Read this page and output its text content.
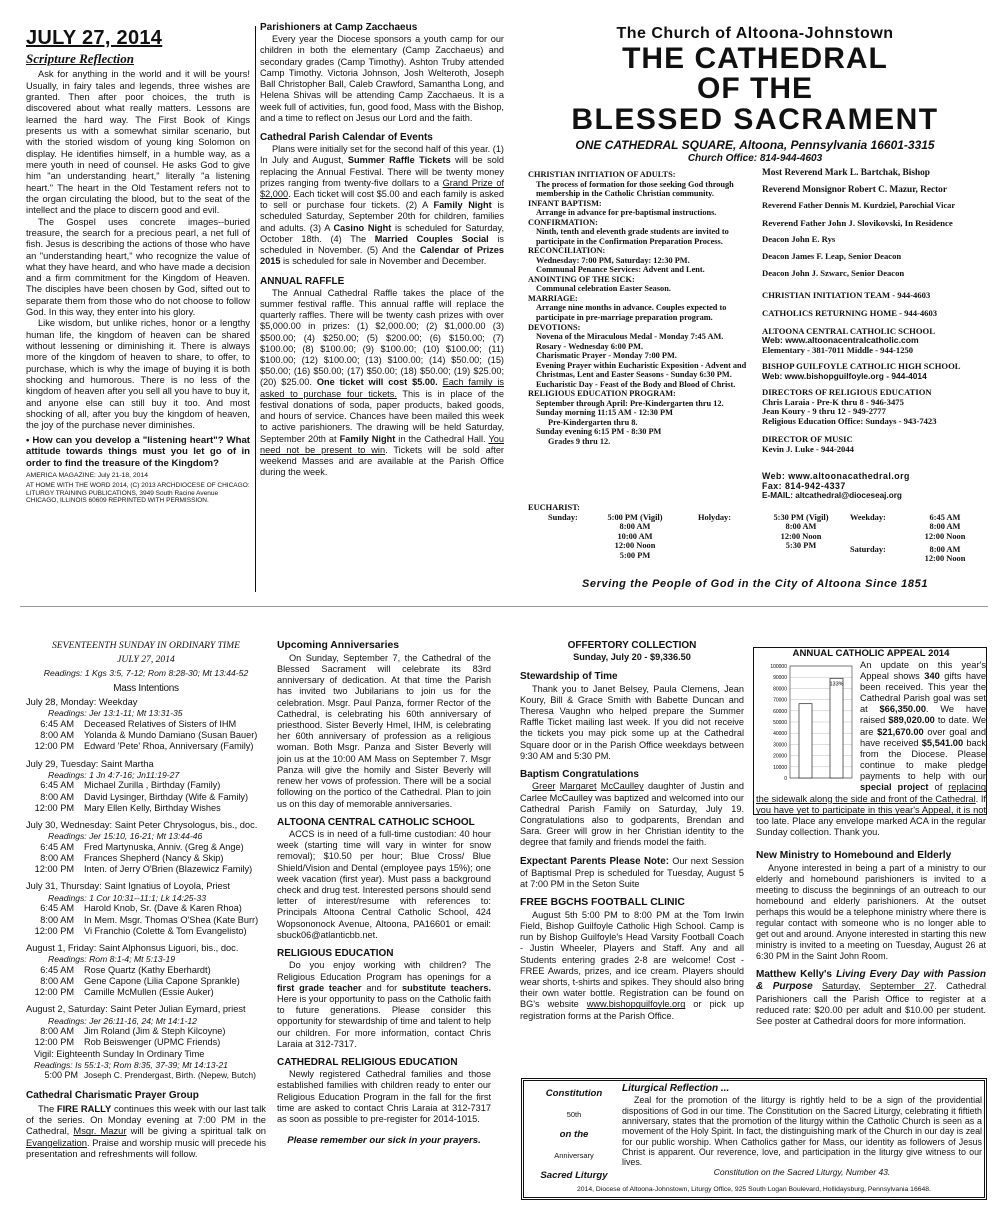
JULY 27, 2014
Scripture Reflection

Ask for anything in the world and it will be yours! Usually, in fairy tales and legends, three wishes are granted. Then after poor choices, the truth is discovered about what really matters. Lessons are learned the hard way. The First Book of Kings presents us with a somewhat similar scenario, but with the storied wisdom of young king Solomon on display. He identifies himself, in a humble way, as a mere youth in need of counsel. He asks God to give him "an understanding heart," literally "a listening heart." The heart in the Old Testament refers not to the organ circulating the blood, but to the seat of the intellect and the place to discern good and evil.

The Gospel uses concrete images--buried treasure, the search for a precious pearl, a net full of fish. Jesus is describing the actions of those who have an "understanding heart," who recognize the value of what they have heard, and who have made a decision and a firm commitment for the Kingdom of Heaven. The disciples have been chosen by God, sifted out to separate them from those who do not choose to follow God. In this way, they enter into his glory.

Like wisdom, but unlike riches, honor or a lengthy human life, the kingdom of heaven can be shared without lessening or diminishing it. There is always more of the kingdom of heaven to share, to offer, to purchase, which is why the image of buying it is both shocking and humorous. There is no less of the kingdom of heaven after you sell all you have to buy it, and anyone else can still buy it too. And most shocking of all, after you buy the kingdom of heaven, the joy of the purchase never diminishes.

• How can you develop a "listening heart"? What attitude towards things must you let go of in order to find the treasure of the Kingdom?

AMERICA MAGAZINE: July 21-18, 2014
AT HOME WITH THE WORD 2014, (C) 2013 ARCHDIOCESE OF CHICAGO: LITURGY TRAINING PUBLICATIONS, 3949 South Racine Avenue CHICAGO, ILLINOIS 60609 REPRINTED WITH PERMISSION.
Parishioners at Camp Zacchaeus

Every year the Diocese sponsors a youth camp for our children in both the elementary (Camp Zacchaeus) and secondary grades (Camp Timothy). Ashton Truby attended Camp Timothy. Victoria Johnson, Josh Welteroth, Joseph Ball Christopher Ball, Caleb Crawford, Samantha Long, and Helena Shivas will be attending Camp Zacchaeus. It is a week full of activities, fun, good food, Mass with the Bishop, and a time to reflect on Jesus our Lord and the faith.

Cathedral Parish Calendar of Events

Plans were initially set for the second half of this year. (1) In July and August, Summer Raffle Tickets will be sold replacing the Annual Festival. There will be twenty money prizes ranging from twenty-five dollars to a Grand Prize of $2,000. Each ticket will cost $5.00 and each family is asked to sell or purchase four tickets. (2) A Family Night is scheduled Saturday, September 20th for children, families and adults. (3) A Casino Night is scheduled for Saturday, October 18th. (4) The Married Couples Social is scheduled in November. (5) And the Calendar of Prizes 2015 is scheduled for sale in November and December.

ANNUAL RAFFLE

The Annual Cathedral Raffle takes the place of the summer festival raffle. This annual raffle will replace the quarterly raffles. There will be twenty cash prizes with over $5,000.00 in prizes: (1) $2,000.00; (2) $1,000.00 (3) $500.00; (4) $250.00; (5) $200.00; (6) $150.00; (7) $100.00; (8) $100.00; (9) $100.00; (10) $100.00; (11) $100.00; (12) $100.00; (13) $100.00; (14) $50.00; (15) $50.00; (16) $50.00; (17) $50.00; (18) $50.00; (19) $25.00; (20) $25.00. One ticket will cost $5.00. Each family is asked to purchase four tickets. This is in place of the festival donations of soda, paper products, baked goods, and hours of service. Chances have been mailed this week to active parishioners. The drawing will be held Saturday, September 20th at Family Night in the Cathedral Hall. You need not be present to win. Tickets will be sold after weekend Masses and are available at the Parish Office during the week.

The Church of Altoona-Johnstown
THE CATHEDRAL
OF THE
BLESSED SACRAMENT
ONE CATHEDRAL SQUARE, Altoona, Pennsylvania 16601-3315
Church Office: 814-944-4603
CHRISTIAN INITIATION OF ADULTS:
The process of formation for those seeking God through membership in the Catholic Christian community.
INFANT BAPTISM:
Arrange in advance for pre-baptismal instructions.
CONFIRMATION:
Ninth, tenth and eleventh grade students are invited to participate in the Confirmation Preparation Process.
RECONCILIATION:
Wednesday: 7:00 PM, Saturday: 12:30 PM.
Communal Penance Services: Advent and Lent.
ANOINTING OF THE SICK:
Communal celebration Easter Season.
MARRIAGE:
Arrange nine months in advance. Couples expected to participate in pre-marriage preparation program.
DEVOTIONS:
Novena of the Miraculous Medal - Monday 7:45 AM.
Rosary - Wednesday 6:00 PM.
Charismatic Prayer - Monday 7:00 PM.
Evening Prayer within Eucharistic Exposition - Advent and Christmas, Lent and Easter Seasons - Sunday 6:30 PM.
Eucharistic Day - Feast of the Body and Blood of Christ.
RELIGIOUS EDUCATION PROGRAM:
September through April: Pre-Kindergarten thru 12.
Sunday morning 11:15 AM - 12:30 PM
Pre-Kindergarten thru 8.
Sunday evening 6:15 PM - 8:30 PM
Grades 9 thru 12.
Most Reverend Mark L. Bartchak, Bishop
Reverend Monsignor Robert C. Mazur, Rector
Reverend Father Dennis M. Kurdziel, Parochial Vicar
Reverend Father John J. Slovikovski, In Residence
Deacon John E. Rys
Deacon James F. Leap, Senior Deacon
Deacon John J. Szwarc, Senior Deacon
CHRISTIAN INITIATION TEAM - 944-4603
CATHOLICS RETURNING HOME - 944-4603
ALTOONA CENTRAL CATHOLIC SCHOOL
Web: www.altoonacentralcatholic.com
Elementary - 381-7011 Middle - 944-1250
BISHOP GUILFOYLE CATHOLIC HIGH SCHOOL
Web: www.bishopguilfoyle.org - 944-4014
DIRECTORS OF RELIGIOUS EDUCATION
Chris Laraia - Pre-K thru 8 - 946-3475
Jean Koury - 9 thru 12 - 949-2777
Religious Education Office: Sundays - 943-7423
DIRECTOR OF MUSIC
Kevin J. Luke - 944-2044
Web: www.altoonacathedral.org
Fax: 814-942-4337
E-MAIL: altcathedral@dioceseaj.org
EUCHARIST:
Sunday:	5:00 PM (Vigil)
8:00 AM
10:00 AM
12:00 Noon
5:00 PM
Holyday:	5:30 PM (Vigil)
8:00 AM
12:00 Noon
5:30 PM
Weekday:	6:45 AM
8:00 AM
12:00 Noon
Saturday:	8:00 AM
12:00 Noon
Serving the People of God in the City of Altoona Since 1851
SEVENTEENTH SUNDAY IN ORDINARY TIME
JULY 27, 2014
Readings: 1 Kgs 3:5, 7-12; Rom 8:28-30; Mt 13:44-52
Mass Intentions
July 28, Monday: Weekday
Readings: Jer 13:1-11; Mt 13:31-35
6:45 AM Deceased Relatives of Sisters of IHM
8:00 AM Yolanda & Mundo Damiano (Susan Bauer)
12:00 PM Edward 'Pete' Rhoa, Anniversary (Family)
July 29, Tuesday: Saint Martha
Readings: 1 Jn 4:7-16; Jn11:19-27
6:45 AM Michael Zurilla , Birthday (Family)
8:00 AM David Lysinger, Birthday (Wife & Family)
12:00 PM Mary Ellen Kelly, Birthday Wishes
July 30, Wednesday: Saint Peter Chrysologus, bis., doc.
Readings: Jer 15:10, 16-21; Mt 13:44-46
6:45 AM Fred Martynuska, Anniv. (Greg & Ange)
8:00 AM Frances Shepherd (Nancy & Skip)
12:00 PM Inten. of Jerry O'Brien (Blazewicz Family)
July 31, Thursday: Saint Ignatius of Loyola, Priest
Readings: 1 Cor 10:31--11:1; Lk 14:25-33
6:45 AM Harold Knob, Sr. (Dave & Karen Rhoa)
8:00 AM In Mem. Msgr. Thomas O'Shea (Kate Burr)
12:00 PM Vi Franchio (Colette & Tom Evangelisto)
August 1, Friday: Saint Alphonsus Liguori, bis., doc.
Readings: Rom 8:1-4; Mt 5:13-19
6:45 AM Rose Quartz (Kathy Eberhardt)
8:00 AM Gene Capone (Lilia Capone Sprankle)
12:00 PM Camille McMullen (Essie Auker)
August 2, Saturday: Saint Peter Julian Eymard, priest
Readings: Jer 26:11-16, 24; Mt 14:1-12
8:00 AM Jim Roland (Jim & Steph Kilcoyne)
12:00 PM Rob Beiswenger (UPMC Friends)
Vigil: Eighteenth Sunday In Ordinary Time
Readings: Is 55:1-3; Rom 8:35, 37-39; Mt 14:13-21
5:00 PM Joseph C. Prendergast, Birth. (Nepew, Butch)
Cathedral Charismatic Prayer Group

The FIRE RALLY continues this week with our last talk of the series. On Monday evening at 7:00 PM in the Cathedral, Msgr. Mazur will be giving a spiritual talk on Evangelization. Praise and worship music will precede his presentation and refreshments will follow.

Upcoming Anniversaries

On Sunday, September 7, the Cathedral of the Blessed Sacrament will celebrate its 83rd anniversary of dedication. At that time the Parish has invited two Jubilarians to join us for the celebration. Msgr. Paul Panza, former Rector of the Cathedral, is celebrating his 60th anniversary of priesthood. Sister Beverly Hmel, IHM, is celebrating her 60th anniversary of profession as a religious woman. Both Msgr. Panza and Sister Beverly will join us at the 10:00 AM Mass on September 7. Msgr Panza will give the homily and Sister Beverly will renew her vows of profession. There will be a social following on the portico of the Cathedral. Plan to join us on this day of memorable anniversaries.

ALTOONA CENTRAL CATHOLIC SCHOOL

ACCS is in need of a full-time custodian: 40 hour week (starting time will vary in winter for snow removal); $10.50 per hour; Blue Cross/ Blue Shield/Vision and Dental (employee pays 15%); one week vacation (first year). Must pass a background check and drug test. Interested persons should send letter of interest/resume with references to: Principals Altoona Central Catholic School, 424 Wopsononock Avenue, Altoona, PA16601 or email: sbuck06@atlanticbb.net.

RELIGIOUS EDUCATION

Do you enjoy working with children? The Religious Education Program has openings for a first grade teacher and for substitute teachers. Here is your opportunity to pass on the Catholic faith to future generations. Please consider this opportunity for stewardship of time and talent to help our children. For more information, contact Chris Laraia at 312-7317.

CATHEDRAL RELIGIOUS EDUCATION

Newly registered Cathedral families and those established families with children ready to enter our Religious Education Program in the fall for the first time are asked to contact Chris Laraia at 312-7317 as soon as possible to pre-register for 2014-1015.

Please remember our sick in your prayers.
OFFERTORY COLLECTION
Sunday, July 20 - $9,336.50
Stewardship of Time

Thank you to Janet Belsey, Paula Clemens, Jean Koury, Bill & Grace Smith with Babette Duncan and Theresa Vaughn who helped prepare the Summer Raffle Ticket mailing last week. If you did not receive the tickets you may pick some up at the Cathedral Square door or in the Parish Office weekdays between 9:30 AM and 5:30 PM.

Baptism Congratulations

Greer Margaret McCaulley daughter of Justin and Carlee McCaulley was baptized and welcomed into our Cathedral Parish Family on Saturday, July 19. Congratulations also to godparents, Brendan and Sara. Greer will grow in her Christian identity to the degree that family and friends model the faith.

Expectant Parents Please Note: Our next Session of Baptismal Prep is scheduled for Tuesday, August 5 at 7:00 PM in the Seton Suite

FREE BGCHS FOOTBALL CLINIC

August 5th 5:00 PM to 8:00 PM at the Tom Irwin Field, Bishop Guilfoyle Catholic High School. Camp is run by Bishop Guilfoyle's Head Varsity Football Coach - Justin Wheeler, Players and Staff. Any and all Students entering grades 2-8 are welcome! Cost - FREE Awards, prizes, and ice cream. Players should wear shorts, t-shirts and spikes. They should also bring their own water bottle. Registration can be found on BG's website www.bishopguilfoyle.org or pick up registration forms at the Parish Office.

ANNUAL CATHOLIC APPEAL 2014
100000
90000
80000
70000
60000
50000
40000
30000
20000
10000
0
133%

An update on this year's Appeal shows 340 gifts have been received. This year the Cathedral Parish goal was set at $66,350.00. We have raised $89,020.00 to date. We are $21,670.00 over goal and have received $5,541.00 back from the Diocese. Please continue to make pledge payments to help with our special project of replacing the sidewalk along the side and front of the Cathedral. If you have yet to participate in this year's Appeal, it is not too late. Place any envelope marked ACA in the regular Sunday collection. Thank you.

New Ministry to Homebound and Elderly

Anyone interested in being a part of a ministry to our elderly and homebound parishioners is invited to a meeting to discuss the beginnings of an outreach to our homebound and elderly parishioners. At the outset perhaps this would be a telephone ministry where there is regular contact with someone who is no longer able to get out and around. Anyone interested in starting this new ministry is invited to a meeting on Tuesday, August 26 at 6:30 PM in the Saint John Room.

Matthew Kelly's Living Every Day with Passion & Purpose Saturday, September 27. Cathedral Parishioners call the Parish Office to register at a reduced rate: $20.00 per adult and $10.00 per student. See poster at Cathedral doors for more information.

Constitution
50th
on the
Anniversary
Sacred Liturgy
Liturgical Reflection ...

Zeal for the promotion of the liturgy is rightly held to be a sign of the providential dispositions of God in our time. The Constitution on the Sacred Liturgy, celebrating it fiftieth anniversary, states that the promotion of the liturgy within the Catholic Church is seen as a movement of the Holy Spirit. In fact, the distinguishing mark of the Church in our day is zeal for our public worship. When Catholics gather for Mass, our identity as followers of Jesus Christ is apparent. Our reverence, love, and participation in the liturgy give witness to our lives.

Constitution on the Sacred Liturgy, Number 43.
2014, Diocese of Altoona-Johnstown, Liturgy Office, 925 South Logan Boulevard, Hollidaysburg, Pennsylvania 16648.
